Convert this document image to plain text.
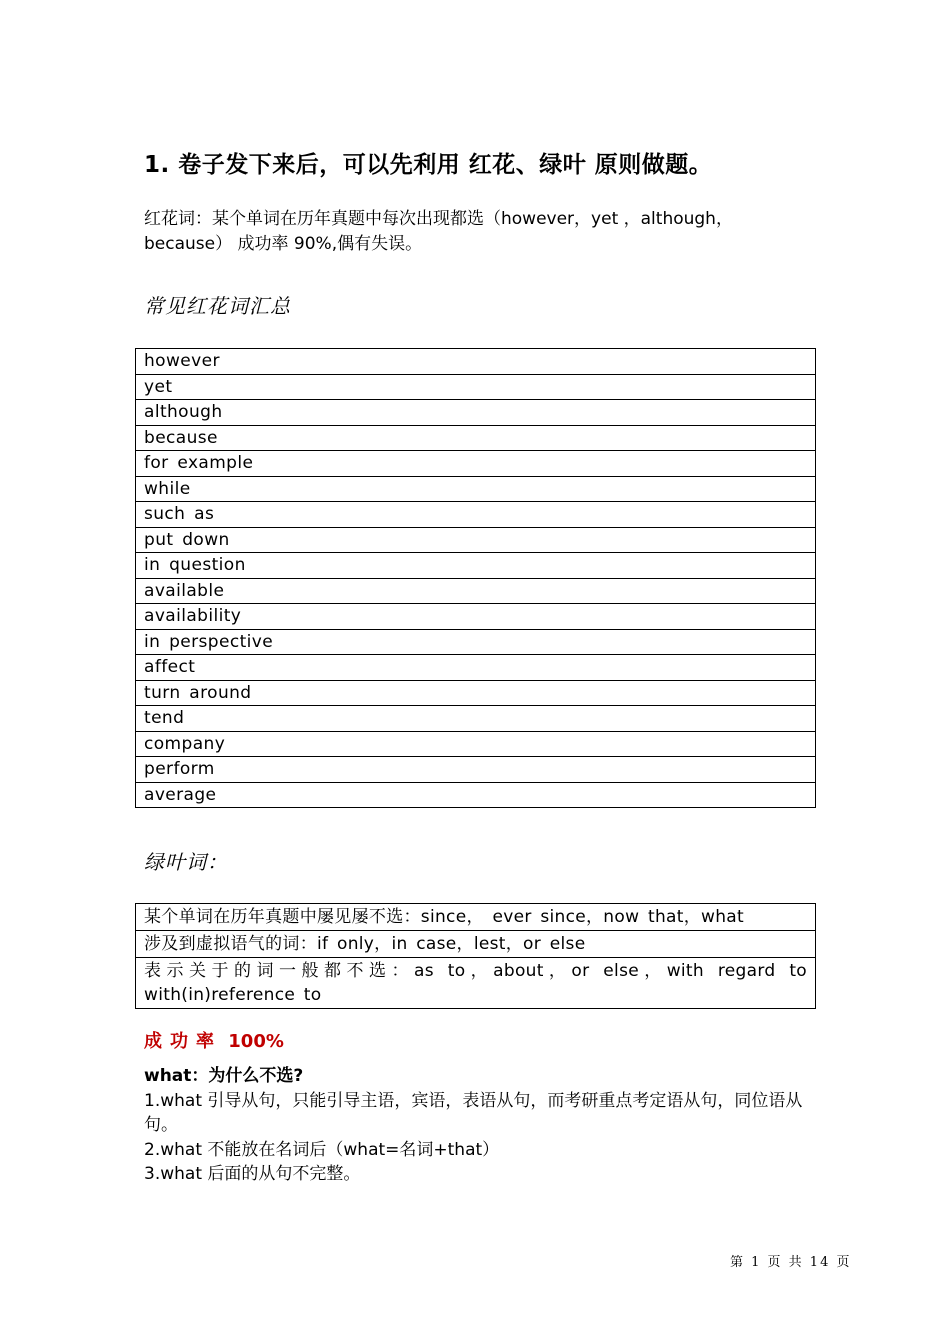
1. 卷子发下来后，可以先利用 红花、绿叶 原则做题。
红花词：某个单词在历年真题中每次出现都选（however，yet ，although，because） 成功率 90%,偶有失误。
常见红花词汇总
however
yet
although
because
for example
while
such as
put down
in question
available
availability
in perspective
affect
turn around
tend
company
perform
average
绿叶词：
某个单词在历年真题中屡见屡不选：since， ever since，now that，what
涉及到虚拟语气的词：if only，in case，lest，or else
表示关于的词一般都不选：as to，about，or else，with regard to with(in)reference to
成功率 100%
what：为什么不选?
1.what 引导从句，只能引导主语，宾语，表语从句，而考研重点考定语从句，同位语从句。
2.what 不能放在名词后（what=名词+that）
3.what 后面的从句不完整。
第 1 页 共 14 页
